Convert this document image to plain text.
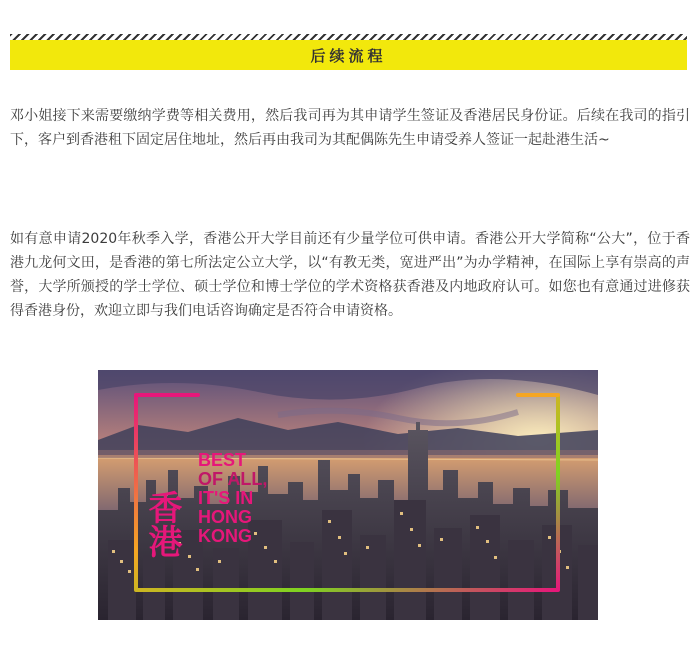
后续流程

邓小姐接下来需要缴纳学费等相关费用，然后我司再为其申请学生签证及香港居民身份证。后续在我司的指引下，客户到香港租下固定居住地址，然后再由我司为其配偶陈先生申请受养人签证一起赴港生活~

如有意申请2020年秋季入学，香港公开大学目前还有少量学位可供申请。香港公开大学简称“公大”，位于香港九龙何文田，是香港的第七所法定公立大学，以“有教无类，宽进严出”为办学精神，在国际上享有崇高的声誉，大学所颁授的学士学位、硕士学位和博士学位的学术资格获香港及内地政府认可。如您也有意通过进修获得香港身份，欢迎立即与我们电话咨询确定是否符合申请资格。

香港
BEST
OF ALL,
IT'S IN
HONG
KONG
